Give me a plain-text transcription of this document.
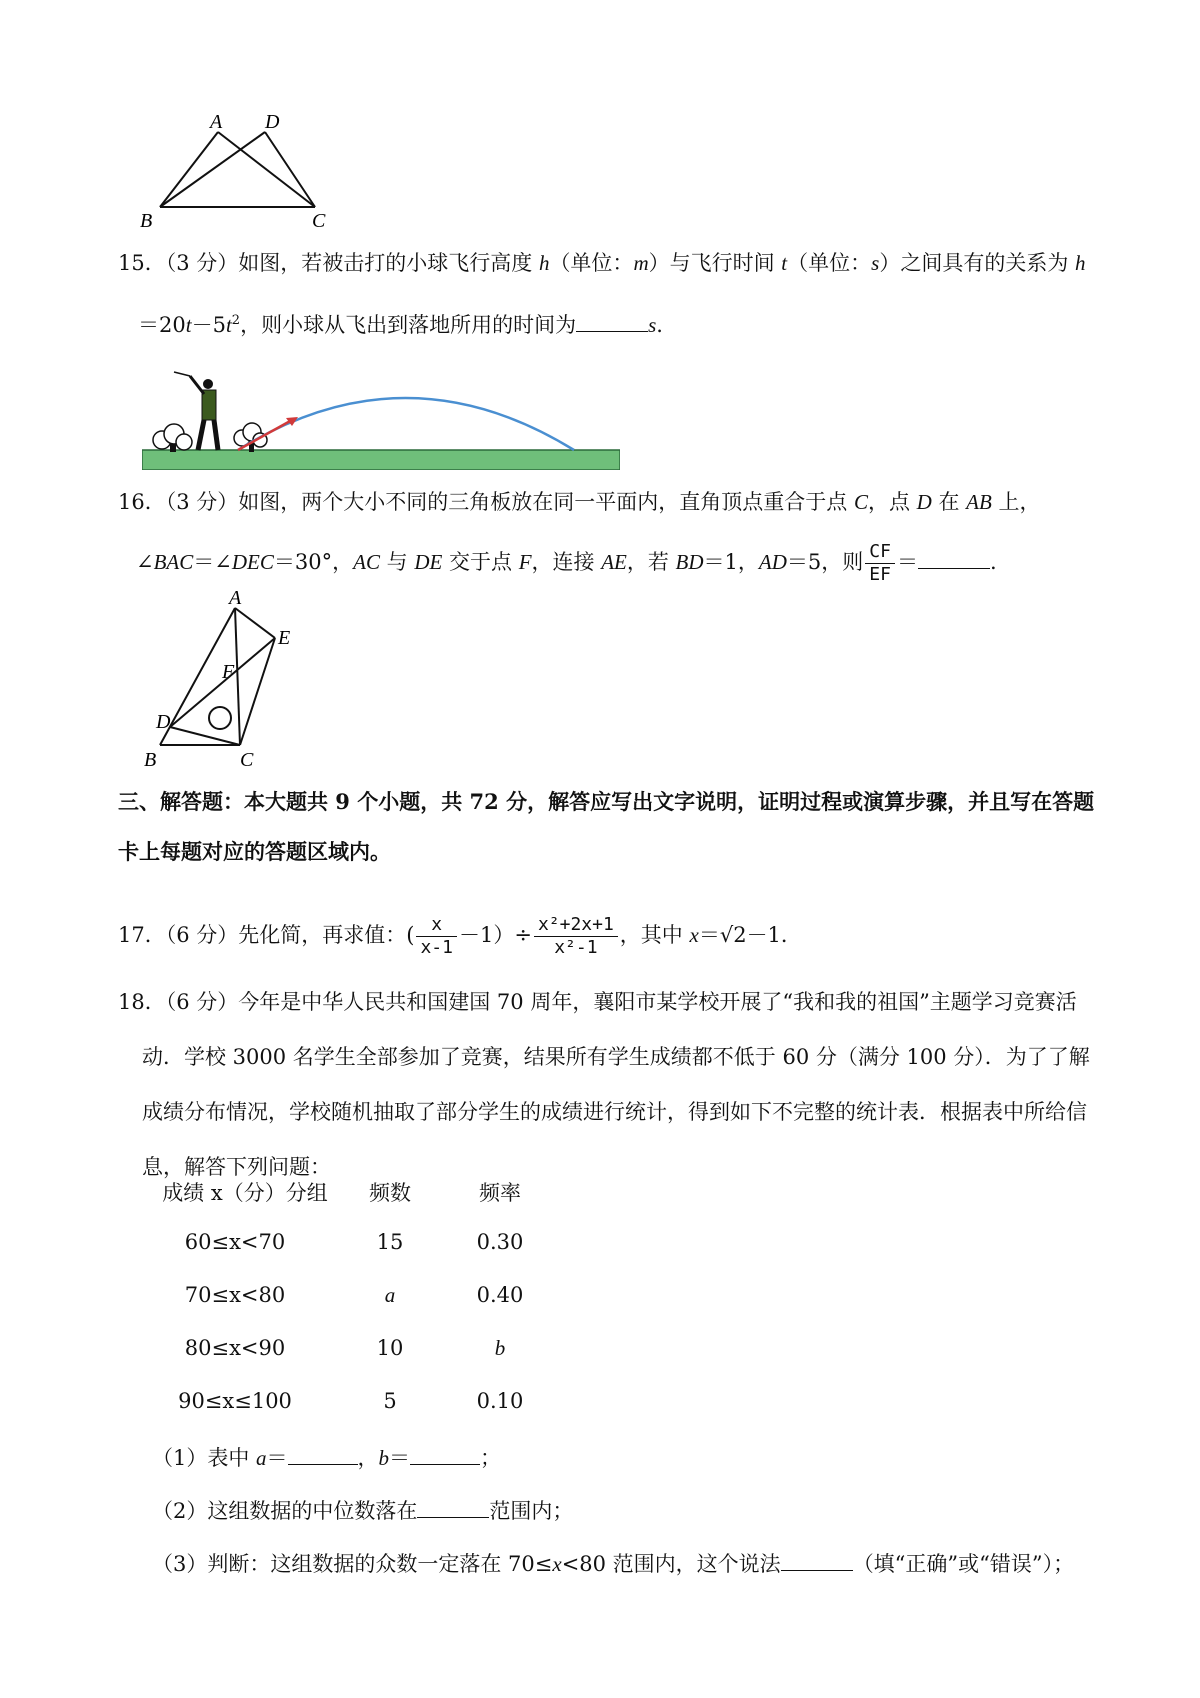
A D
B	C
15．（3 分）如图，若被击打的小球飞行高度 h（单位：m）与飞行时间 t（单位：s）之间具有的关系为 h
$=20t-5t^2$，则小球从飞出到落地所用的时间为	s.
16．（3 分）如图，两个大小不同的三角板放在同一平面内，直角顶点重合于点 C，点 D 在 AB 上，
∠BAC＝∠DEC＝30°，AC 与 DE 交于点 F，连接 AE，若 BD＝1，AD＝5，则 $\frac{CF}{EF}$ ＝	.
A
E
F
D
B	C
三、解答题：本大题共 9 个小题，共 72 分，解答应写出文字说明，证明过程或演算步骤，并且写在答题
卡上每题对应的答题区域内。
17．（6 分）先化简，再求值：( $\frac{x}{x-1} -1)\div \frac{\text{x²+2x+1}}{\text{x²-1}}$ ，其中 x＝√2－1．
18．（6 分）今年是中华人民共和国建国 70 周年，襄阳市某学校开展了“我和我的祖国”主题学习竞赛活
动．学校 3000 名学生全部参加了竞赛，结果所有学生成绩都不低于 60 分（满分 100 分）．为了了解
成绩分布情况，学校随机抽取了部分学生的成绩进行统计，得到如下不完整的统计表．根据表中所给信
息，解答下列问题：
成绩 x（分）分组	频数	频率
60≤x<70	15	0.30
70≤x<80	a	0.40
80≤x<90	10	b
90≤x≤100	5	0.10
（1）表中 a＝	，b＝	；
（2）这组数据的中位数落在	范围内；
（3）判断：这组数据的众数一定落在 70≤x<80 范围内，这个说法	（填“正确”或“错误”）；
